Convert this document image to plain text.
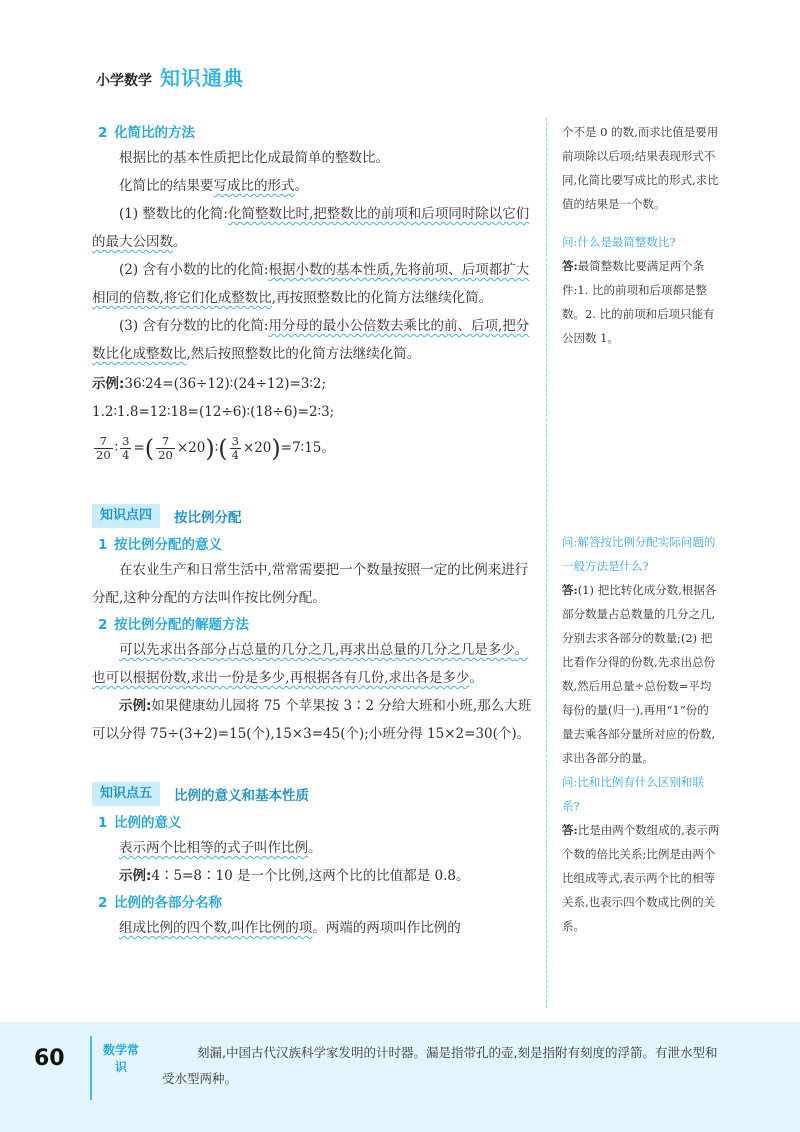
小学数学 知识通典
2 化简比的方法
根据比的基本性质把比化成最简单的整数比。
化简比的结果要写成比的形式。
(1) 整数比的化简:化简整数比时,把整数比的前项和后项同时除以它们的最大公因数。
(2) 含有小数的比的化简:根据小数的基本性质,先将前项、后项都扩大相同的倍数,将它们化成整数比,再按照整数比的化简方法继续化简。
(3) 含有分数的比的化简:用分母的最小公倍数去乘比的前、后项,把分数比化成整数比,然后按照整数比的化简方法继续化简。
示例:36∶24=(36÷12)∶(24÷12)=3∶2;
1.2∶1.8=12∶18=(12÷6)∶(18÷6)=2∶3;
$\frac{7}{20}$ ∶ $\frac{3}{4}$ =( $\frac{7}{20}$ ×20)∶( $\frac{3}{4}$ ×20)=7∶15。
知识点四	按比例分配
1 按比例分配的意义
在农业生产和日常生活中,常常需要把一个数量按照一定的比例来进行分配,这种分配的方法叫作按比例分配。
2 按比例分配的解题方法
可以先求出各部分占总量的几分之几,再求出总量的几分之几是多少。也可以根据份数,求出一份是多少,再根据各有几份,求出各是多少。
示例:如果健康幼儿园将 75 个苹果按 3∶2 分给大班和小班,那么大班可以分得 75÷(3+2)=15(个),15×3=45(个);小班分得 15×2=30(个)。
知识点五	比例的意义和基本性质
1 比例的意义
表示两个比相等的式子叫作比例。
示例:4∶5=8∶10 是一个比例,这两个比的比值都是 0.8。
2 比例的各部分名称
组成比例的四个数,叫作比例的项。两端的两项叫作比例的
个不是 0 的数,而求比值是要用前项除以后项;结果表现形式不同,化简比要写成比的形式,求比值的结果是一个数。
问:什么是最简整数比?
答:最简整数比要满足两个条件:1. 比的前项和后项都是整数。2. 比的前项和后项只能有公因数 1。
问:解答按比例分配实际问题的一般方法是什么?
答:(1) 把比转化成分数,根据各部分数量占总数量的几分之几,分别去求各部分的数量;(2) 把比看作分得的份数,先求出总份数,然后用总量÷总份数=平均每份的量(归一),再用“1”份的量去乘各部分量所对应的份数,求出各部分的量。
问:比和比例有什么区别和联系?
答:比是由两个数组成的,表示两个数的倍比关系;比例是由两个比组成等式,表示两个比的相等关系,也表示四个数成比例的关系。
60	数学常识
刻漏,中国古代汉族科学家发明的计时器。漏是指带孔的壶,刻是指附有刻度的浮箭。有泄水型和受水型两种。
